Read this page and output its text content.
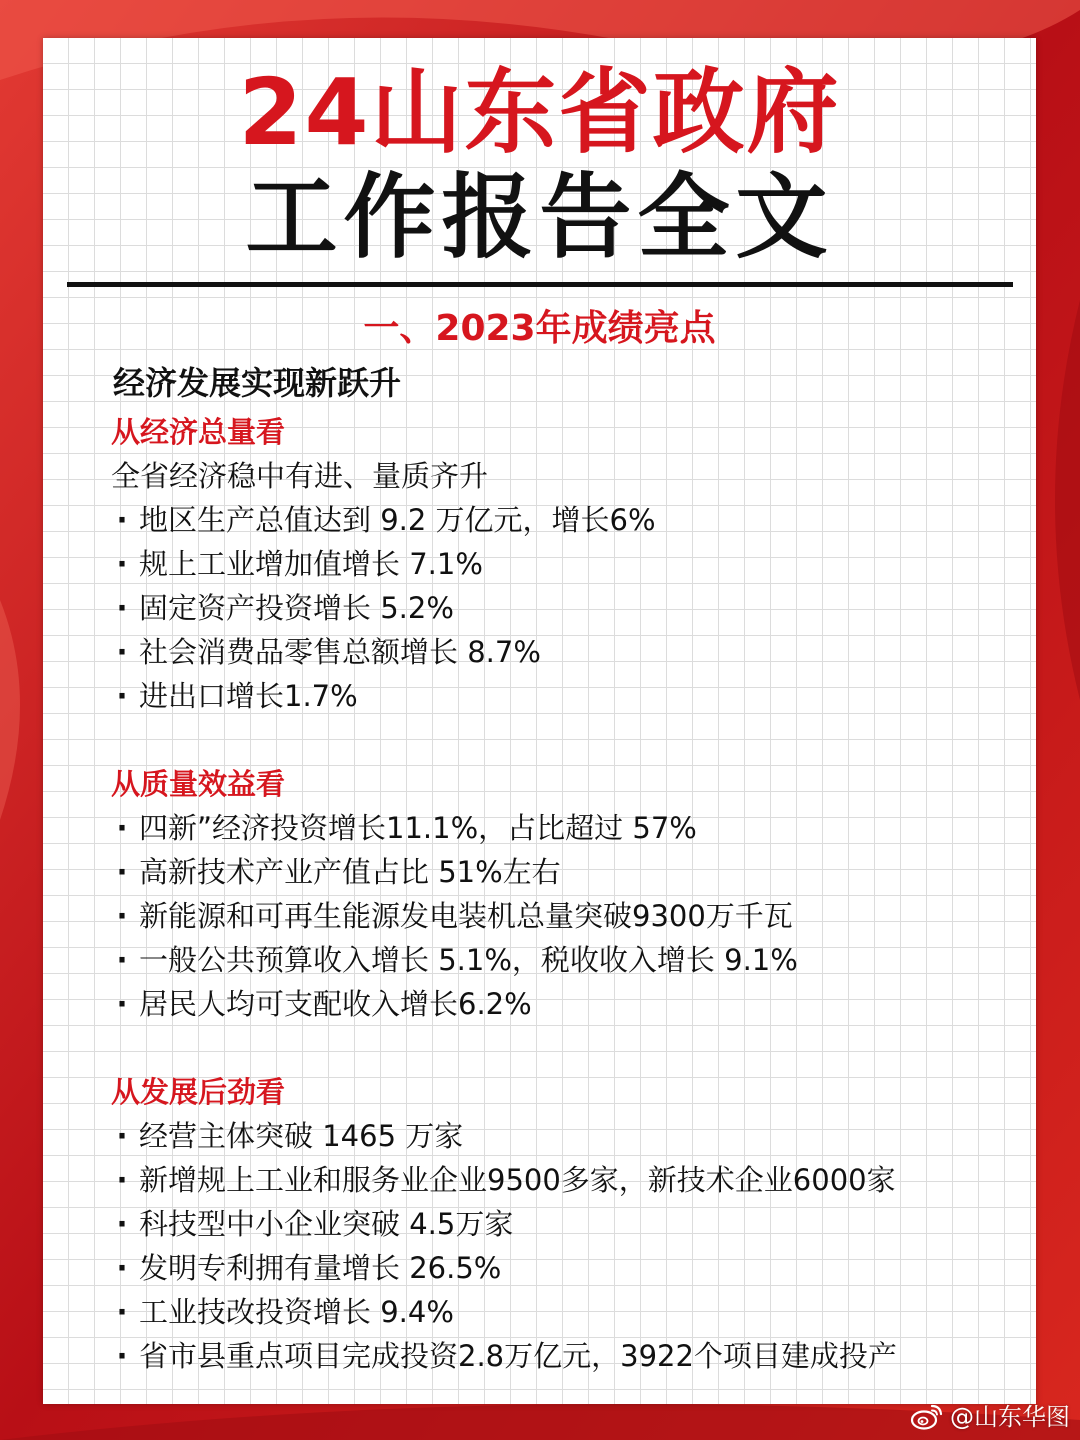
24山东省政府
工作报告全文
一、2023年成绩亮点
经济发展实现新跃升
从经济总量看
全省经济稳中有进、量质齐升
· 地区生产总值达到 9.2 万亿元，增长6%
· 规上工业增加值增长 7.1%
· 固定资产投资增长 5.2%
· 社会消费品零售总额增长 8.7%
· 进出口增长1.7%
从质量效益看
· 四新”经济投资增长11.1%，占比超过 57%
· 高新技术产业产值占比 51%左右
· 新能源和可再生能源发电装机总量突破9300万千瓦
· 一般公共预算收入增长 5.1%，税收收入增长 9.1%
· 居民人均可支配收入增长6.2%
从发展后劲看
· 经营主体突破 1465 万家
· 新增规上工业和服务业企业9500多家，新技术企业6000家
· 科技型中小企业突破 4.5万家
· 发明专利拥有量增长 26.5%
· 工业技改投资增长 9.4%
· 省市县重点项目完成投资2.8万亿元，3922个项目建成投产
@山东华图
